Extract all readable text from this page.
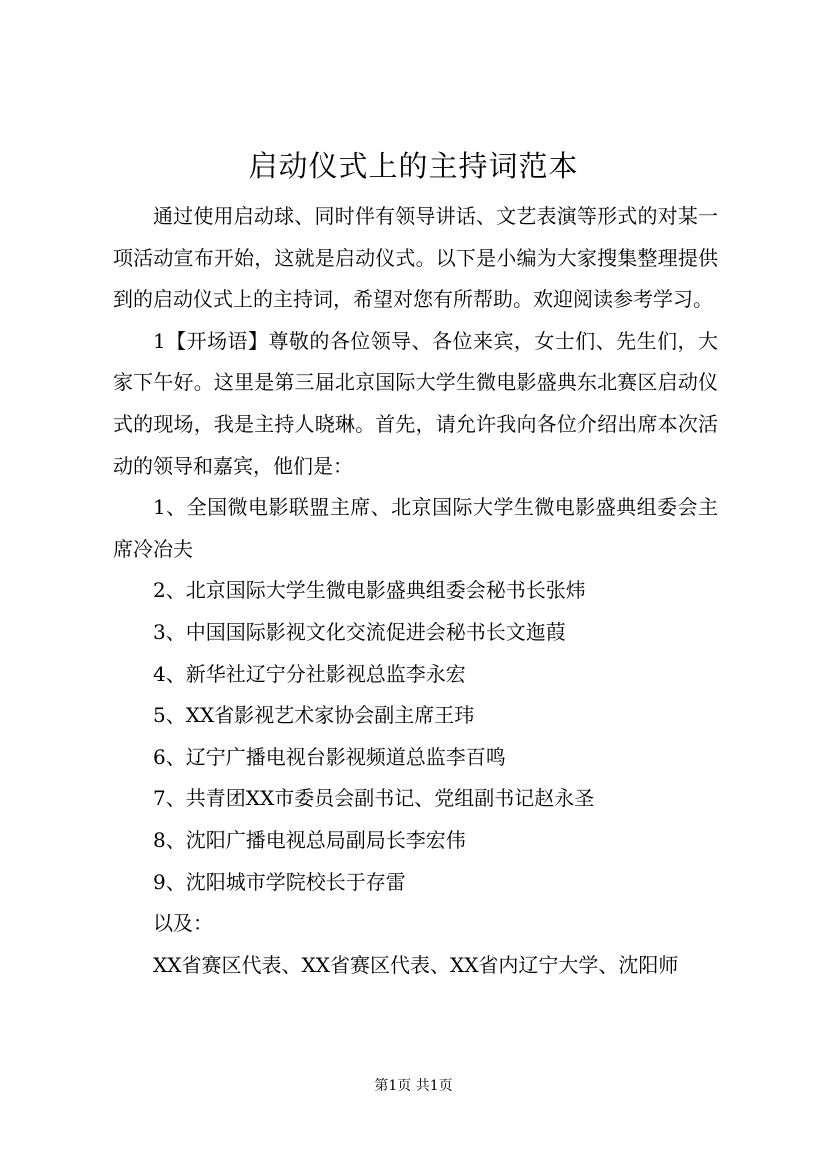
启动仪式上的主持词范本

通过使用启动球、同时伴有领导讲话、文艺表演等形式的对某一项活动宣布开始，这就是启动仪式。以下是小编为大家搜集整理提供到的启动仪式上的主持词，希望对您有所帮助。欢迎阅读参考学习。

1【开场语】尊敬的各位领导、各位来宾，女士们、先生们，大家下午好。这里是第三届北京国际大学生微电影盛典东北赛区启动仪式的现场，我是主持人晓琳。首先，请允许我向各位介绍出席本次活动的领导和嘉宾，他们是：

1、全国微电影联盟主席、北京国际大学生微电影盛典组委会主席冷冶夫

2、北京国际大学生微电影盛典组委会秘书长张炜

3、中国国际影视文化交流促进会秘书长文迤葭

4、新华社辽宁分社影视总监李永宏

5、XX省影视艺术家协会副主席王玮

6、辽宁广播电视台影视频道总监李百鸣

7、共青团XX市委员会副书记、党组副书记赵永圣

8、沈阳广播电视总局副局长李宏伟

9、沈阳城市学院校长于存雷

以及：

XX省赛区代表、XX省赛区代表、XX省内辽宁大学、沈阳师

第1页 共1页
